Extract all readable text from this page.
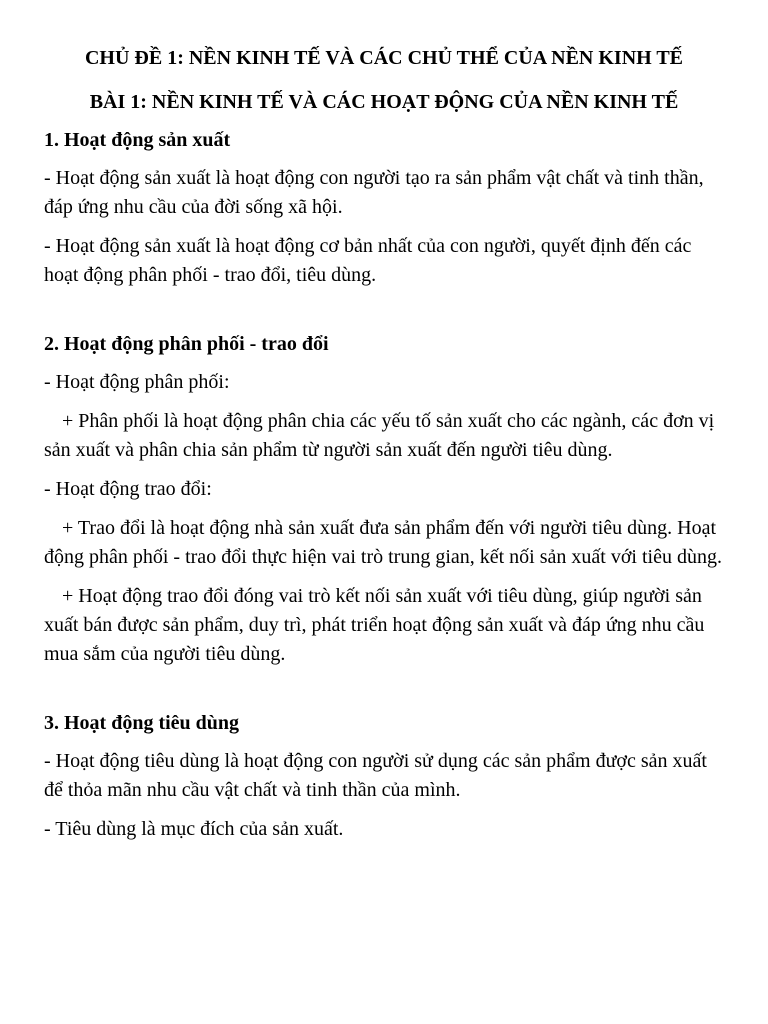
CHỦ ĐỀ 1: NỀN KINH TẾ VÀ CÁC CHỦ THỂ CỦA NỀN KINH TẾ
BÀI 1: NỀN KINH TẾ VÀ CÁC HOẠT ĐỘNG CỦA NỀN KINH TẾ
1. Hoạt động sản xuất

- Hoạt động sản xuất là hoạt động con người tạo ra sản phẩm vật chất và tinh thần, đáp ứng nhu cầu của đời sống xã hội.

- Hoạt động sản xuất là hoạt động cơ bản nhất của con người, quyết định đến các hoạt động phân phối - trao đổi, tiêu dùng.

2. Hoạt động phân phối - trao đổi

- Hoạt động phân phối:

+ Phân phối là hoạt động phân chia các yếu tố sản xuất cho các ngành, các đơn vị sản xuất và phân chia sản phẩm từ người sản xuất đến người tiêu dùng.

- Hoạt động trao đổi:

+ Trao đổi là hoạt động nhà sản xuất đưa sản phẩm đến với người tiêu dùng. Hoạt động phân phối - trao đổi thực hiện vai trò trung gian, kết nối sản xuất với tiêu dùng.

+ Hoạt động trao đổi đóng vai trò kết nối sản xuất với tiêu dùng, giúp người sản xuất bán được sản phẩm, duy trì, phát triển hoạt động sản xuất và đáp ứng nhu cầu mua sắm của người tiêu dùng.

3. Hoạt động tiêu dùng

- Hoạt động tiêu dùng là hoạt động con người sử dụng các sản phẩm được sản xuất để thỏa mãn nhu cầu vật chất và tinh thần của mình.

- Tiêu dùng là mục đích của sản xuất.
